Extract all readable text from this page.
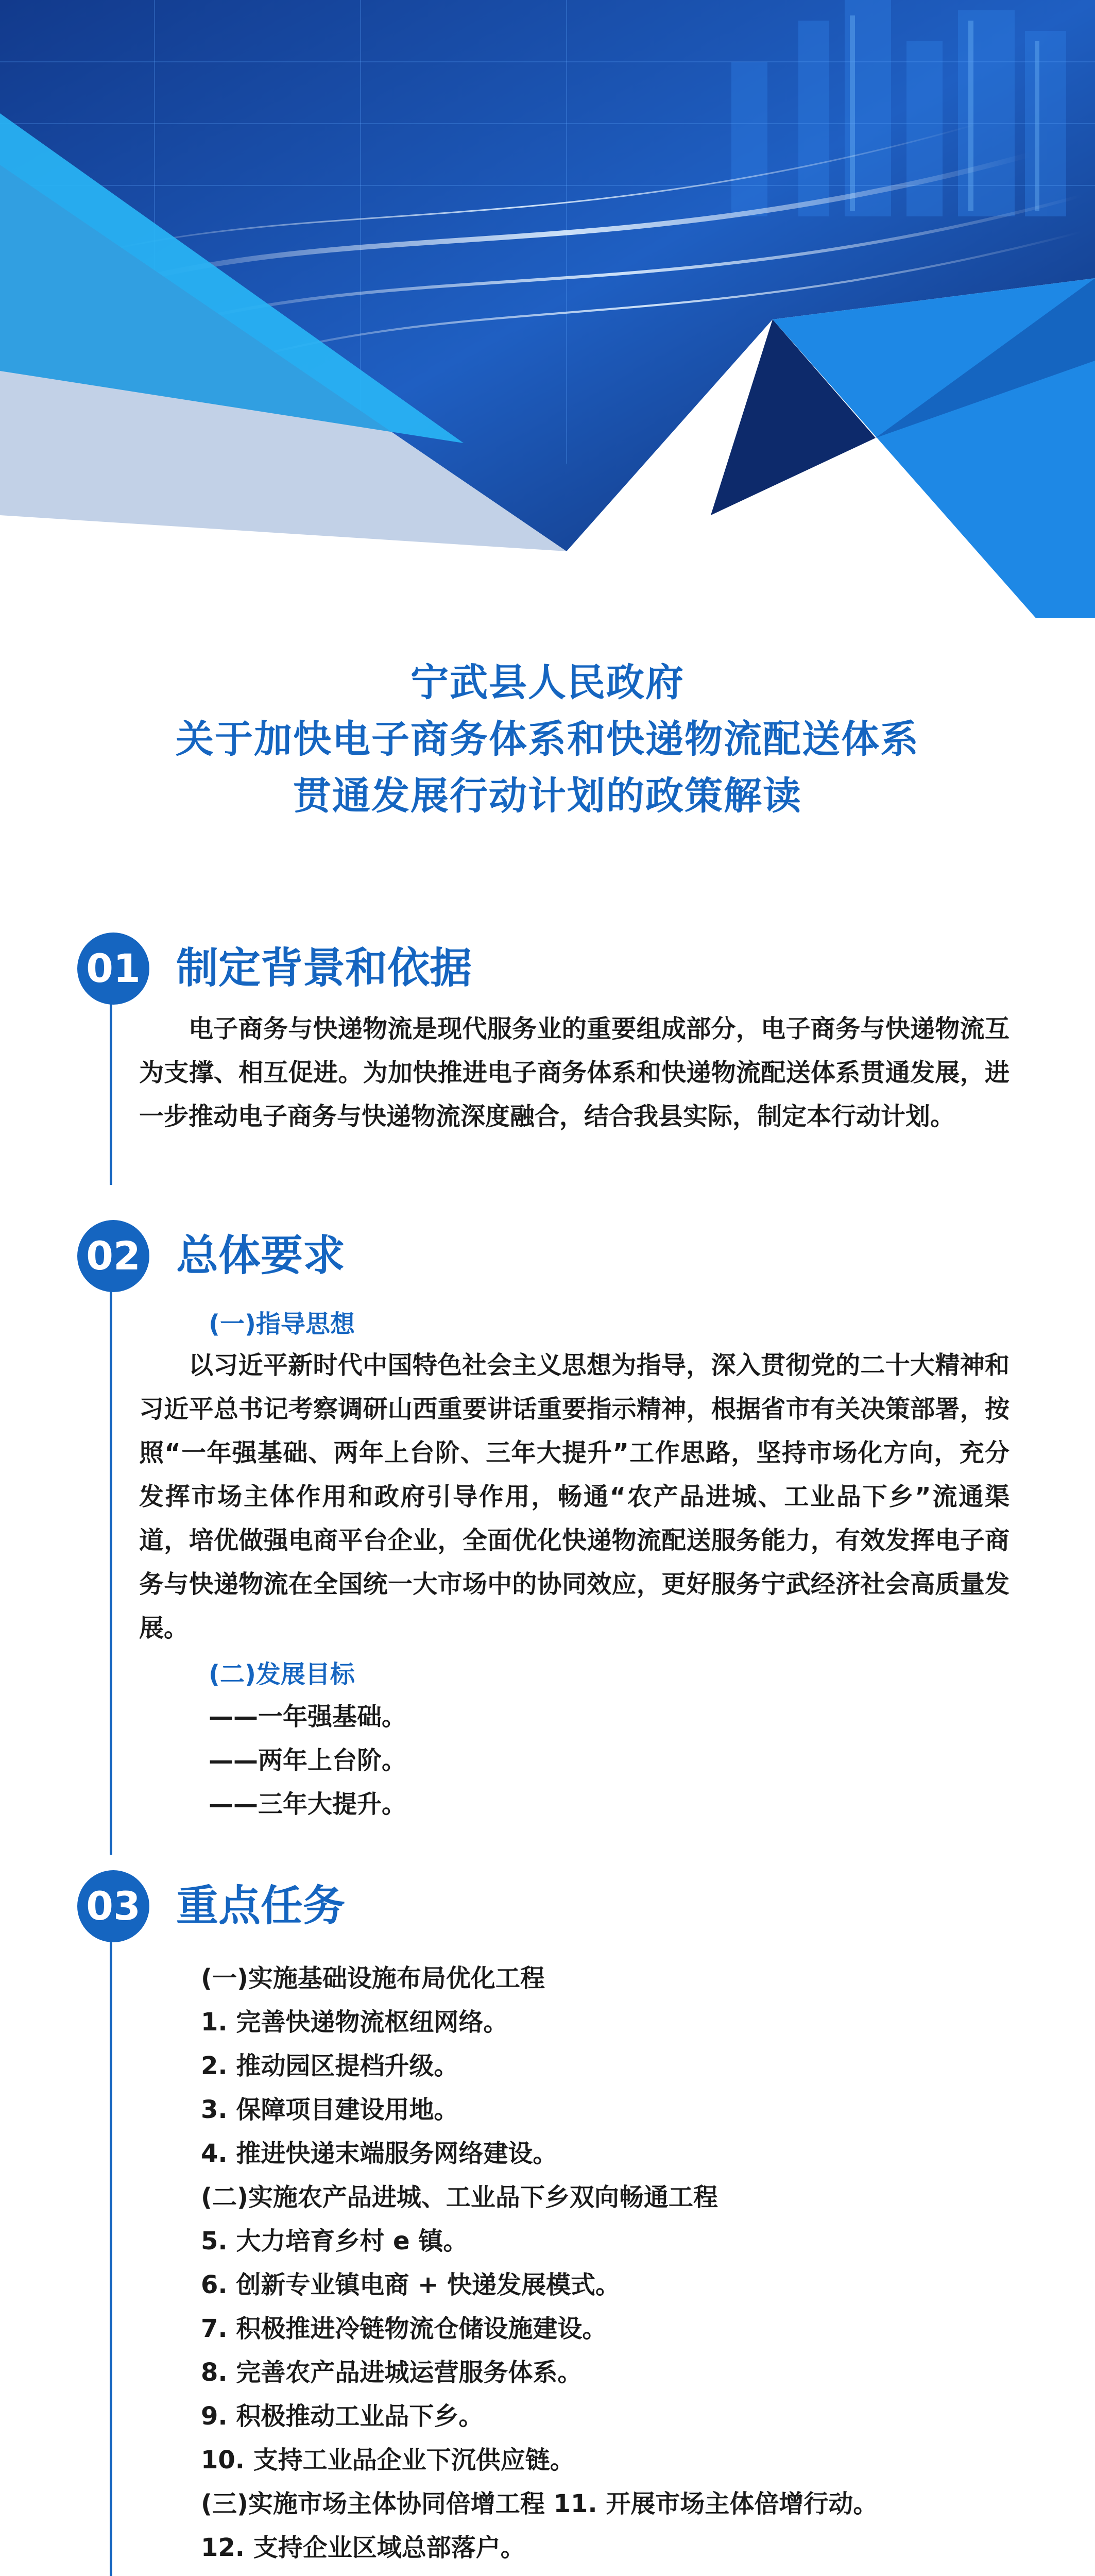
宁武县人民政府
关于加快电子商务体系和快递物流配送体系
贯通发展行动计划的政策解读
01 制定背景和依据
电子商务与快递物流是现代服务业的重要组成部分，电子商务与快递物流互为支撑、相互促进。为加快推进电子商务体系和快递物流配送体系贯通发展，进一步推动电子商务与快递物流深度融合，结合我县实际，制定本行动计划。
02 总体要求
(一)指导思想
以习近平新时代中国特色社会主义思想为指导，深入贯彻党的二十大精神和习近平总书记考察调研山西重要讲话重要指示精神，根据省市有关决策部署，按照“一年强基础、两年上台阶、三年大提升”工作思路，坚持市场化方向，充分发挥市场主体作用和政府引导作用，畅通“农产品进城、工业品下乡”流通渠道，培优做强电商平台企业，全面优化快递物流配送服务能力，有效发挥电子商务与快递物流在全国统一大市场中的协同效应，更好服务宁武经济社会高质量发展。
(二)发展目标
——一年强基础。
——两年上台阶。
——三年大提升。
03 重点任务
(一)实施基础设施布局优化工程
1. 完善快递物流枢纽网络。
2. 推动园区提档升级。
3. 保障项目建设用地。
4. 推进快递末端服务网络建设。
(二)实施农产品进城、工业品下乡双向畅通工程
5. 大力培育乡村 e 镇。
6. 创新专业镇电商 + 快递发展模式。
7. 积极推进冷链物流仓储设施建设。
8. 完善农产品进城运营服务体系。
9. 积极推动工业品下乡。
10. 支持工业品企业下沉供应链。
(三)实施市场主体协同倍增工程 11. 开展市场主体倍增行动。
12. 支持企业区域总部落户。
